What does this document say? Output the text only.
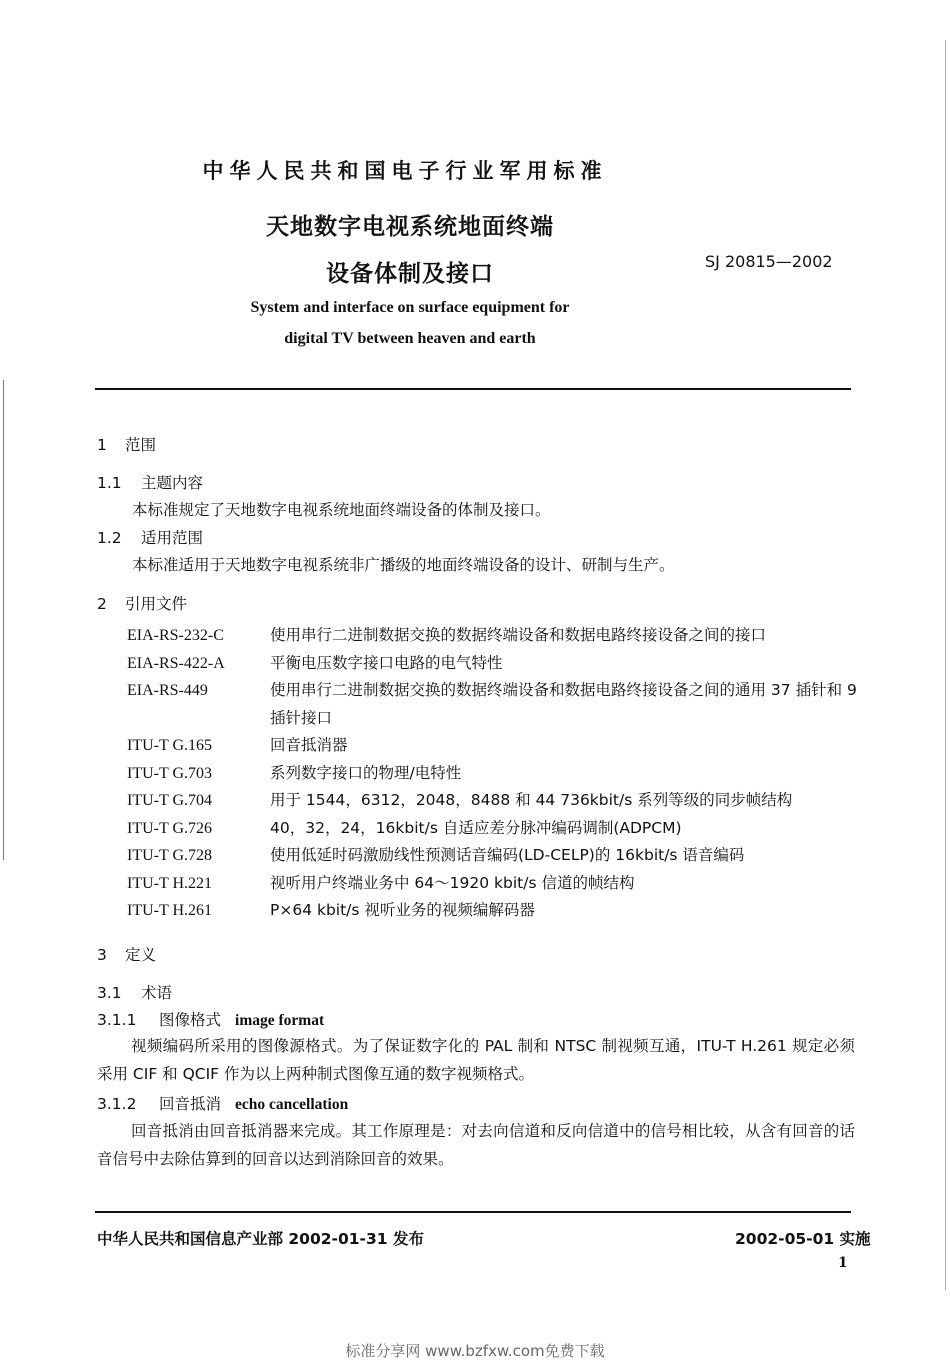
中华人民共和国电子行业军用标准
天地数字电视系统地面终端
设备体制及接口	SJ 20815—2002
System and interface on surface equipment for
digital TV between heaven and earth
1 范围
1.1 主题内容
本标准规定了天地数字电视系统地面终端设备的体制及接口。
1.2 适用范围
本标准适用于天地数字电视系统非广播级的地面终端设备的设计、研制与生产。
2 引用文件
EIA-RS-232-C	使用串行二进制数据交换的数据终端设备和数据电路终接设备之间的接口
EIA-RS-422-A	平衡电压数字接口电路的电气特性
EIA-RS-449	使用串行二进制数据交换的数据终端设备和数据电路终接设备之间的通用 37 插针和 9 插针接口
ITU-T G.165	回音抵消器
ITU-T G.703	系列数字接口的物理/电特性
ITU-T G.704	用于 1544，6312，2048，8488 和 44 736kbit/s 系列等级的同步帧结构
ITU-T G.726	40，32，24，16kbit/s 自适应差分脉冲编码调制(ADPCM)
ITU-T G.728	使用低延时码激励线性预测话音编码(LD-CELP)的 16kbit/s 语音编码
ITU-T H.221	视听用户终端业务中 64～1920 kbit/s 信道的帧结构
ITU-T H.261	P×64 kbit/s 视听业务的视频编解码器
3 定义
3.1 术语
3.1.1 图像格式 image format
视频编码所采用的图像源格式。为了保证数字化的 PAL 制和 NTSC 制视频互通，ITU-T H.261 规定必须采用 CIF 和 QCIF 作为以上两种制式图像互通的数字视频格式。
3.1.2 回音抵消 echo cancellation
回音抵消由回音抵消器来完成。其工作原理是：对去向信道和反向信道中的信号相比较，从含有回音的话音信号中去除估算到的回音以达到消除回音的效果。
中华人民共和国信息产业部 2002-01-31 发布	2002-05-01 实施
1
标准分享网 www.bzfxw.com免费下载
